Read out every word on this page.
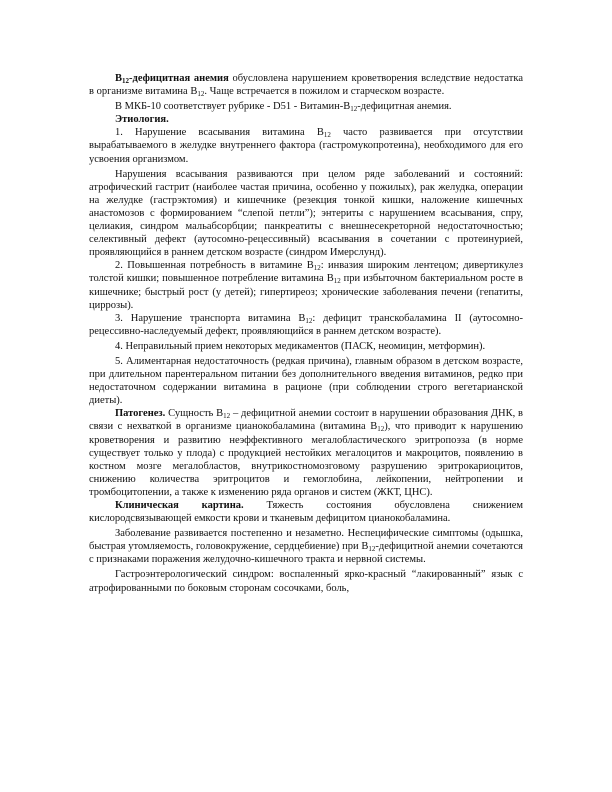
$B_{12}$-дефицитная анемия обусловлена нарушением кроветворения вследствие недостатка в организме витамина $B_{12}$. Чаще встречается в пожилом и старческом возрасте.

В МКБ-10 соответствует рубрике - D51 - Витамин-$B_{12}$-дефицитная анемия.

Этиология.

1. Нарушение всасывания витамина $B_{12}$ часто развивается при отсутствии вырабатываемого в желудке внутреннего фактора (гастромукопротеина), необходимого для его усвоения организмом.

Нарушения всасывания развиваются при целом ряде заболеваний и состояний: атрофический гастрит (наиболее частая причина, особенно у пожилых), рак желудка, операции на желудке (гастрэктомия) и кишечнике (резекция тонкой кишки, наложение кишечных анастомозов с формированием “слепой петли”); энтериты с нарушением всасывания, спру, целиакия, синдром мальабсорбции; панкреатиты с внешнесекреторной недостаточностью; селективный дефект (аутосомно-рецессивный) всасывания в сочетании с протеинурией, проявляющийся в раннем детском возрасте (синдром Имерслунд).

2. Повышенная потребность в витамине $B_{12}$: инвазия широким лентецом; дивертикулез толстой кишки; повышенное потребление витамина $B_{12}$ при избыточном бактериальном росте в кишечнике; быстрый рост (у детей); гипертиреоз; хронические заболевания печени (гепатиты, циррозы).

3. Нарушение транспорта витамина $B_{12}$: дефицит транскобаламина II (аутосомно-рецессивно-наследуемый дефект, проявляющийся в раннем детском возрасте).

4. Неправильный прием некоторых медикаментов (ПАСК, неомицин, метформин).

5. Алиментарная недостаточность (редкая причина), главным образом в детском возрасте, при длительном парентеральном питании без дополнительного введения витаминов, редко при недостаточном содержании витамина в рационе (при соблюдении строго вегетарианской диеты).

Патогенез. Сущность $B_{12}$ – дефицитной анемии состоит в нарушении образования ДНК, в связи с нехваткой в организме цианокобаламина (витамина $B_{12}$), что приводит к нарушению кроветворения и развитию неэффективного мегалобластического эритропоэза (в норме существует только у плода) с продукцией нестойких мегалоцитов и макроцитов, появлению в костном мозге мегалобластов, внутрикостномозговому разрушению эритрокариоцитов, снижению количества эритроцитов и гемоглобина, лейкопении, нейтропении и тромбоцитопении, а также к изменению ряда органов и систем (ЖКТ, ЦНС).

Клиническая картина. Тяжесть состояния обусловлена снижением кислородсвязывающей емкости крови и тканевым дефицитом цианокобаламина.

Заболевание развивается постепенно и незаметно. Неспецифические симптомы (одышка, быстрая утомляемость, головокружение, сердцебиение) при $B_{12}$-дефицитной анемии сочетаются с признаками поражения желудочно-кишечного тракта и нервной системы.

Гастроэнтерологический синдром: воспаленный ярко-красный “лакированный” язык с атрофированными по боковым сторонам сосочками, боль,
